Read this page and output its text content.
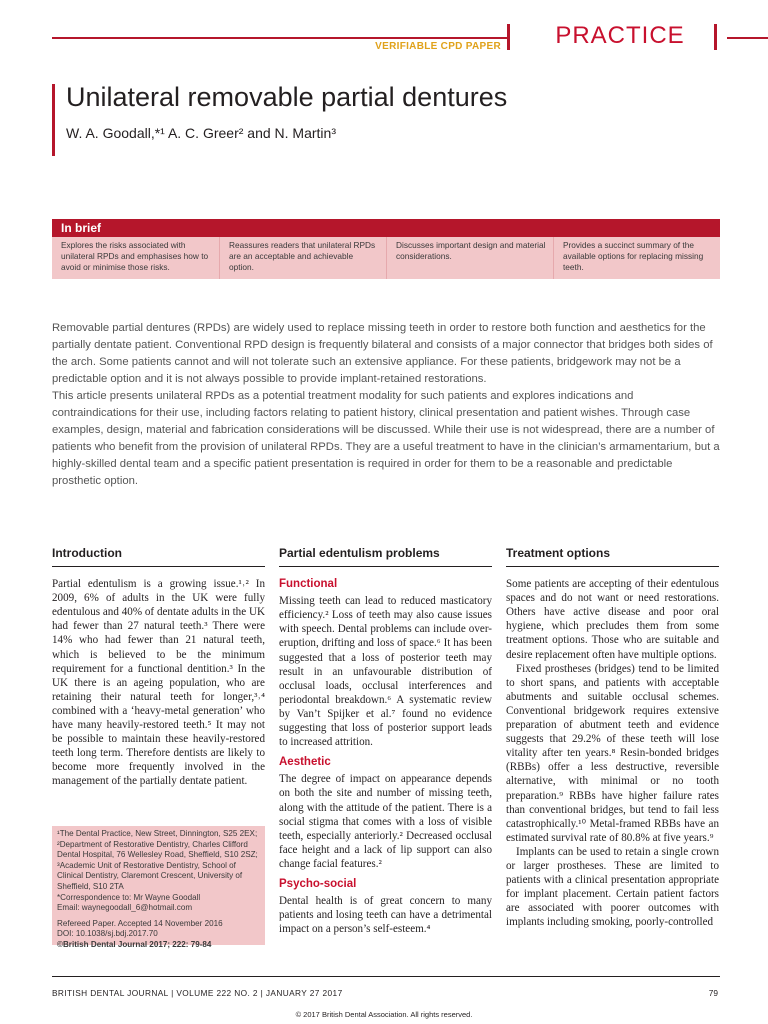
VERIFIABLE CPD PAPER	PRACTICE
Unilateral removable partial dentures
W. A. Goodall,*¹ A. C. Greer² and N. Martin³
In brief
Explores the risks associated with unilateral RPDs and emphasises how to avoid or minimise those risks.
Reassures readers that unilateral RPDs are an acceptable and achievable option.
Discusses important design and material considerations.
Provides a succinct summary of the available options for replacing missing teeth.

Removable partial dentures (RPDs) are widely used to replace missing teeth in order to restore both function and aesthetics for the partially dentate patient. Conventional RPD design is frequently bilateral and consists of a major connector that bridges both sides of the arch. Some patients cannot and will not tolerate such an extensive appliance. For these patients, bridgework may not be a predictable option and it is not always possible to provide implant-retained restorations.

This article presents unilateral RPDs as a potential treatment modality for such patients and explores indications and contraindications for their use, including factors relating to patient history, clinical presentation and patient wishes. Through case examples, design, material and fabrication considerations will be discussed. While their use is not widespread, there are a number of patients who benefit from the provision of unilateral RPDs. They are a useful treatment to have in the clinician’s armamentarium, but a highly-skilled dental team and a specific patient presentation is required in order for them to be a reasonable and predictable prosthetic option.

Introduction

Partial edentulism is a growing issue.¹˒² In 2009, 6% of adults in the UK were fully edentulous and 40% of dentate adults in the UK had fewer than 27 natural teeth.³ There were 14% who had fewer than 21 natural teeth, which is believed to be the minimum requirement for a functional dentition.³ In the UK there is an ageing population, who are retaining their natural teeth for longer,³˒⁴ combined with a ‘heavy-metal generation’ who have many heavily-restored teeth.⁵ It may not be possible to maintain these heavily-restored teeth long term. Therefore dentists are likely to become more frequently involved in the management of the partially dentate patient.

¹The Dental Practice, New Street, Dinnington, S25 2EX; ²Department of Restorative Dentistry, Charles Clifford Dental Hospital, 76 Wellesley Road, Sheffield, S10 2SZ; ³Academic Unit of Restorative Dentistry, School of Clinical Dentistry, Claremont Crescent, University of Sheffield, S10 2TA
*Correspondence to: Mr Wayne Goodall
Email: waynegoodall_6@hotmail.com
Refereed Paper. Accepted 14 November 2016
DOI: 10.1038/sj.bdj.2017.70
©British Dental Journal 2017; 222: 79-84
Partial edentulism problems
Functional

Missing teeth can lead to reduced masticatory efficiency.² Loss of teeth may also cause issues with speech. Dental problems can include over-eruption, drifting and loss of space.⁶ It has been suggested that a loss of posterior teeth may result in an unfavourable distribution of occlusal loads, occlusal interferences and periodontal breakdown.⁶ A systematic review by Van’t Spijker et al.⁷ found no evidence suggesting that loss of posterior support leads to increased attrition.

Aesthetic

The degree of impact on appearance depends on both the site and number of missing teeth, along with the attitude of the patient. There is a social stigma that comes with a loss of visible teeth, especially anteriorly.² Decreased occlusal face height and a lack of lip support can also change facial features.²

Psycho-social

Dental health is of great concern to many patients and losing teeth can have a detrimental impact on a person’s self-esteem.⁴

Treatment options

Some patients are accepting of their edentulous spaces and do not want or need restorations. Others have active disease and poor oral hygiene, which precludes them from some treatment options. Those who are suitable and desire replacement often have multiple options.

Fixed prostheses (bridges) tend to be limited to short spans, and patients with acceptable abutments and suitable occlusal schemes. Conventional bridgework requires extensive preparation of abutment teeth and evidence suggests that 29.2% of these teeth will lose vitality after ten years.⁸ Resin-bonded bridges (RBBs) offer a less destructive, reversible alternative, with minimal or no tooth preparation.⁹ RBBs have higher failure rates than conventional bridges, but tend to fail less catastrophically.¹⁰ Metal-framed RBBs have an estimated survival rate of 80.8% at five years.⁹

Implants can be used to retain a single crown or larger prostheses. These are limited to patients with a clinical presentation appropriate for implant placement. Certain patient factors are associated with poorer outcomes with implants including smoking, poorly-controlled

BRITISH DENTAL JOURNAL | VOLUME 222 NO. 2 | JANUARY 27 2017	79
© 2017 British Dental Association. All rights reserved.
